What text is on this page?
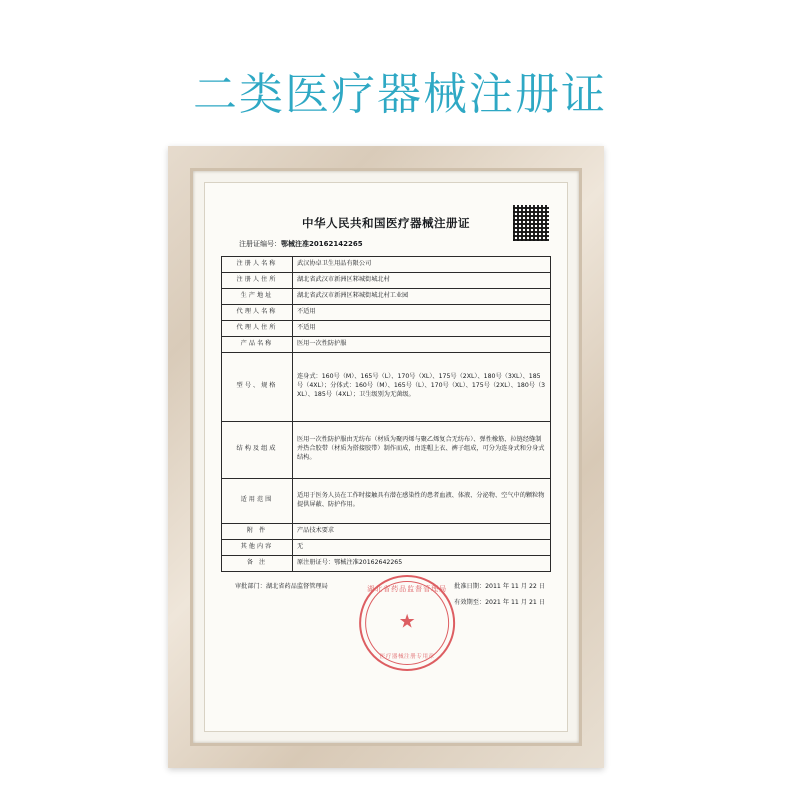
二类医疗器械注册证
中华人民共和国医疗器械注册证
注册证编号：鄂械注准20162142265
注册人名称	武汉协卓卫生用品有限公司
注册人住所	湖北省武汉市新洲区邾城街城北村
生产地址	湖北省武汉市新洲区邾城街城北村工业园
代理人名称	不适用
代理人住所	不适用
产品名称	医用一次性防护服
型号、规格	连身式：160号（M）、165号（L）、170号（XL）、175号（2XL）、180号（3XL）、185号（4XL）；分体式：160号（M）、165号（L）、170号（XL）、175号（2XL）、180号（3XL）、185号（4XL）；卫生级别为无菌级。
结构及组成	医用一次性防护服由无纺布（材质为聚丙烯与聚乙烯复合无纺布）、弹性橡筋、拉链经缝制并热合胶带（材质为搭接胶带）制作而成，由连帽上衣、裤子组成，可分为连身式和分身式结构。
适用范围	适用于医务人员在工作时接触具有潜在感染性的患者血液、体液、分泌物、空气中的颗粒物提供屏蔽、防护作用。
附 件	产品技术要求
其他内容	无
备 注	原注册证号：鄂械注准20162642265
审批部门：湖北省药品监督管理局	批准日期：2011 年 11 月 22 日
有效期至：2021 年 11 月 21 日
湖北省药品监督管理局
★
医疗器械注册专用章
